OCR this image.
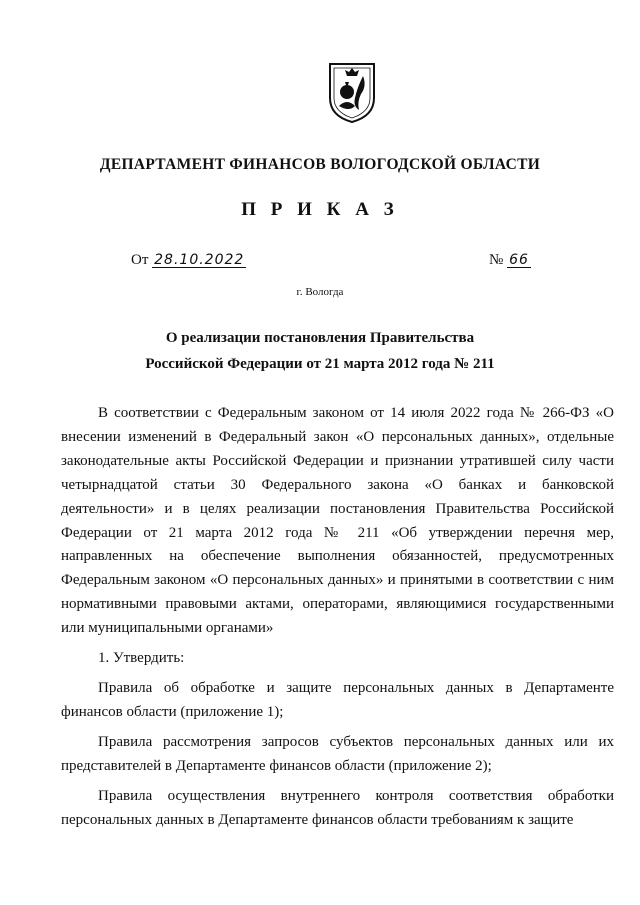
ДЕПАРТАМЕНТ ФИНАНСОВ ВОЛОГОДСКОЙ ОБЛАСТИ
П Р И К А З
От 28.10.2022	№ 66
г. Вологда
О реализации постановления Правительства
Российской Федерации от 21 марта 2012 года № 211

В соответствии с Федеральным законом от 14 июля 2022 года № 266-ФЗ «О внесении изменений в Федеральный закон «О персональных данных», отдельные законодательные акты Российской Федерации и признании утратившей силу части четырнадцатой статьи 30 Федерального закона «О банках и банковской деятельности» и в целях реализации постановления Правительства Российской Федерации от 21 марта 2012 года № 211 «Об утверждении перечня мер, направленных на обеспечение выполнения обязанностей, предусмотренных Федеральным законом «О персональных данных» и принятыми в соответствии с ним нормативными правовыми актами, операторами, являющимися государственными или муниципальными органами»

1. Утвердить:

Правила об обработке и защите персональных данных в Департаменте финансов области (приложение 1);

Правила рассмотрения запросов субъектов персональных данных или их представителей в Департаменте финансов области (приложение 2);

Правила осуществления внутреннего контроля соответствия обработки персональных данных в Департаменте финансов области требованиям к защите
